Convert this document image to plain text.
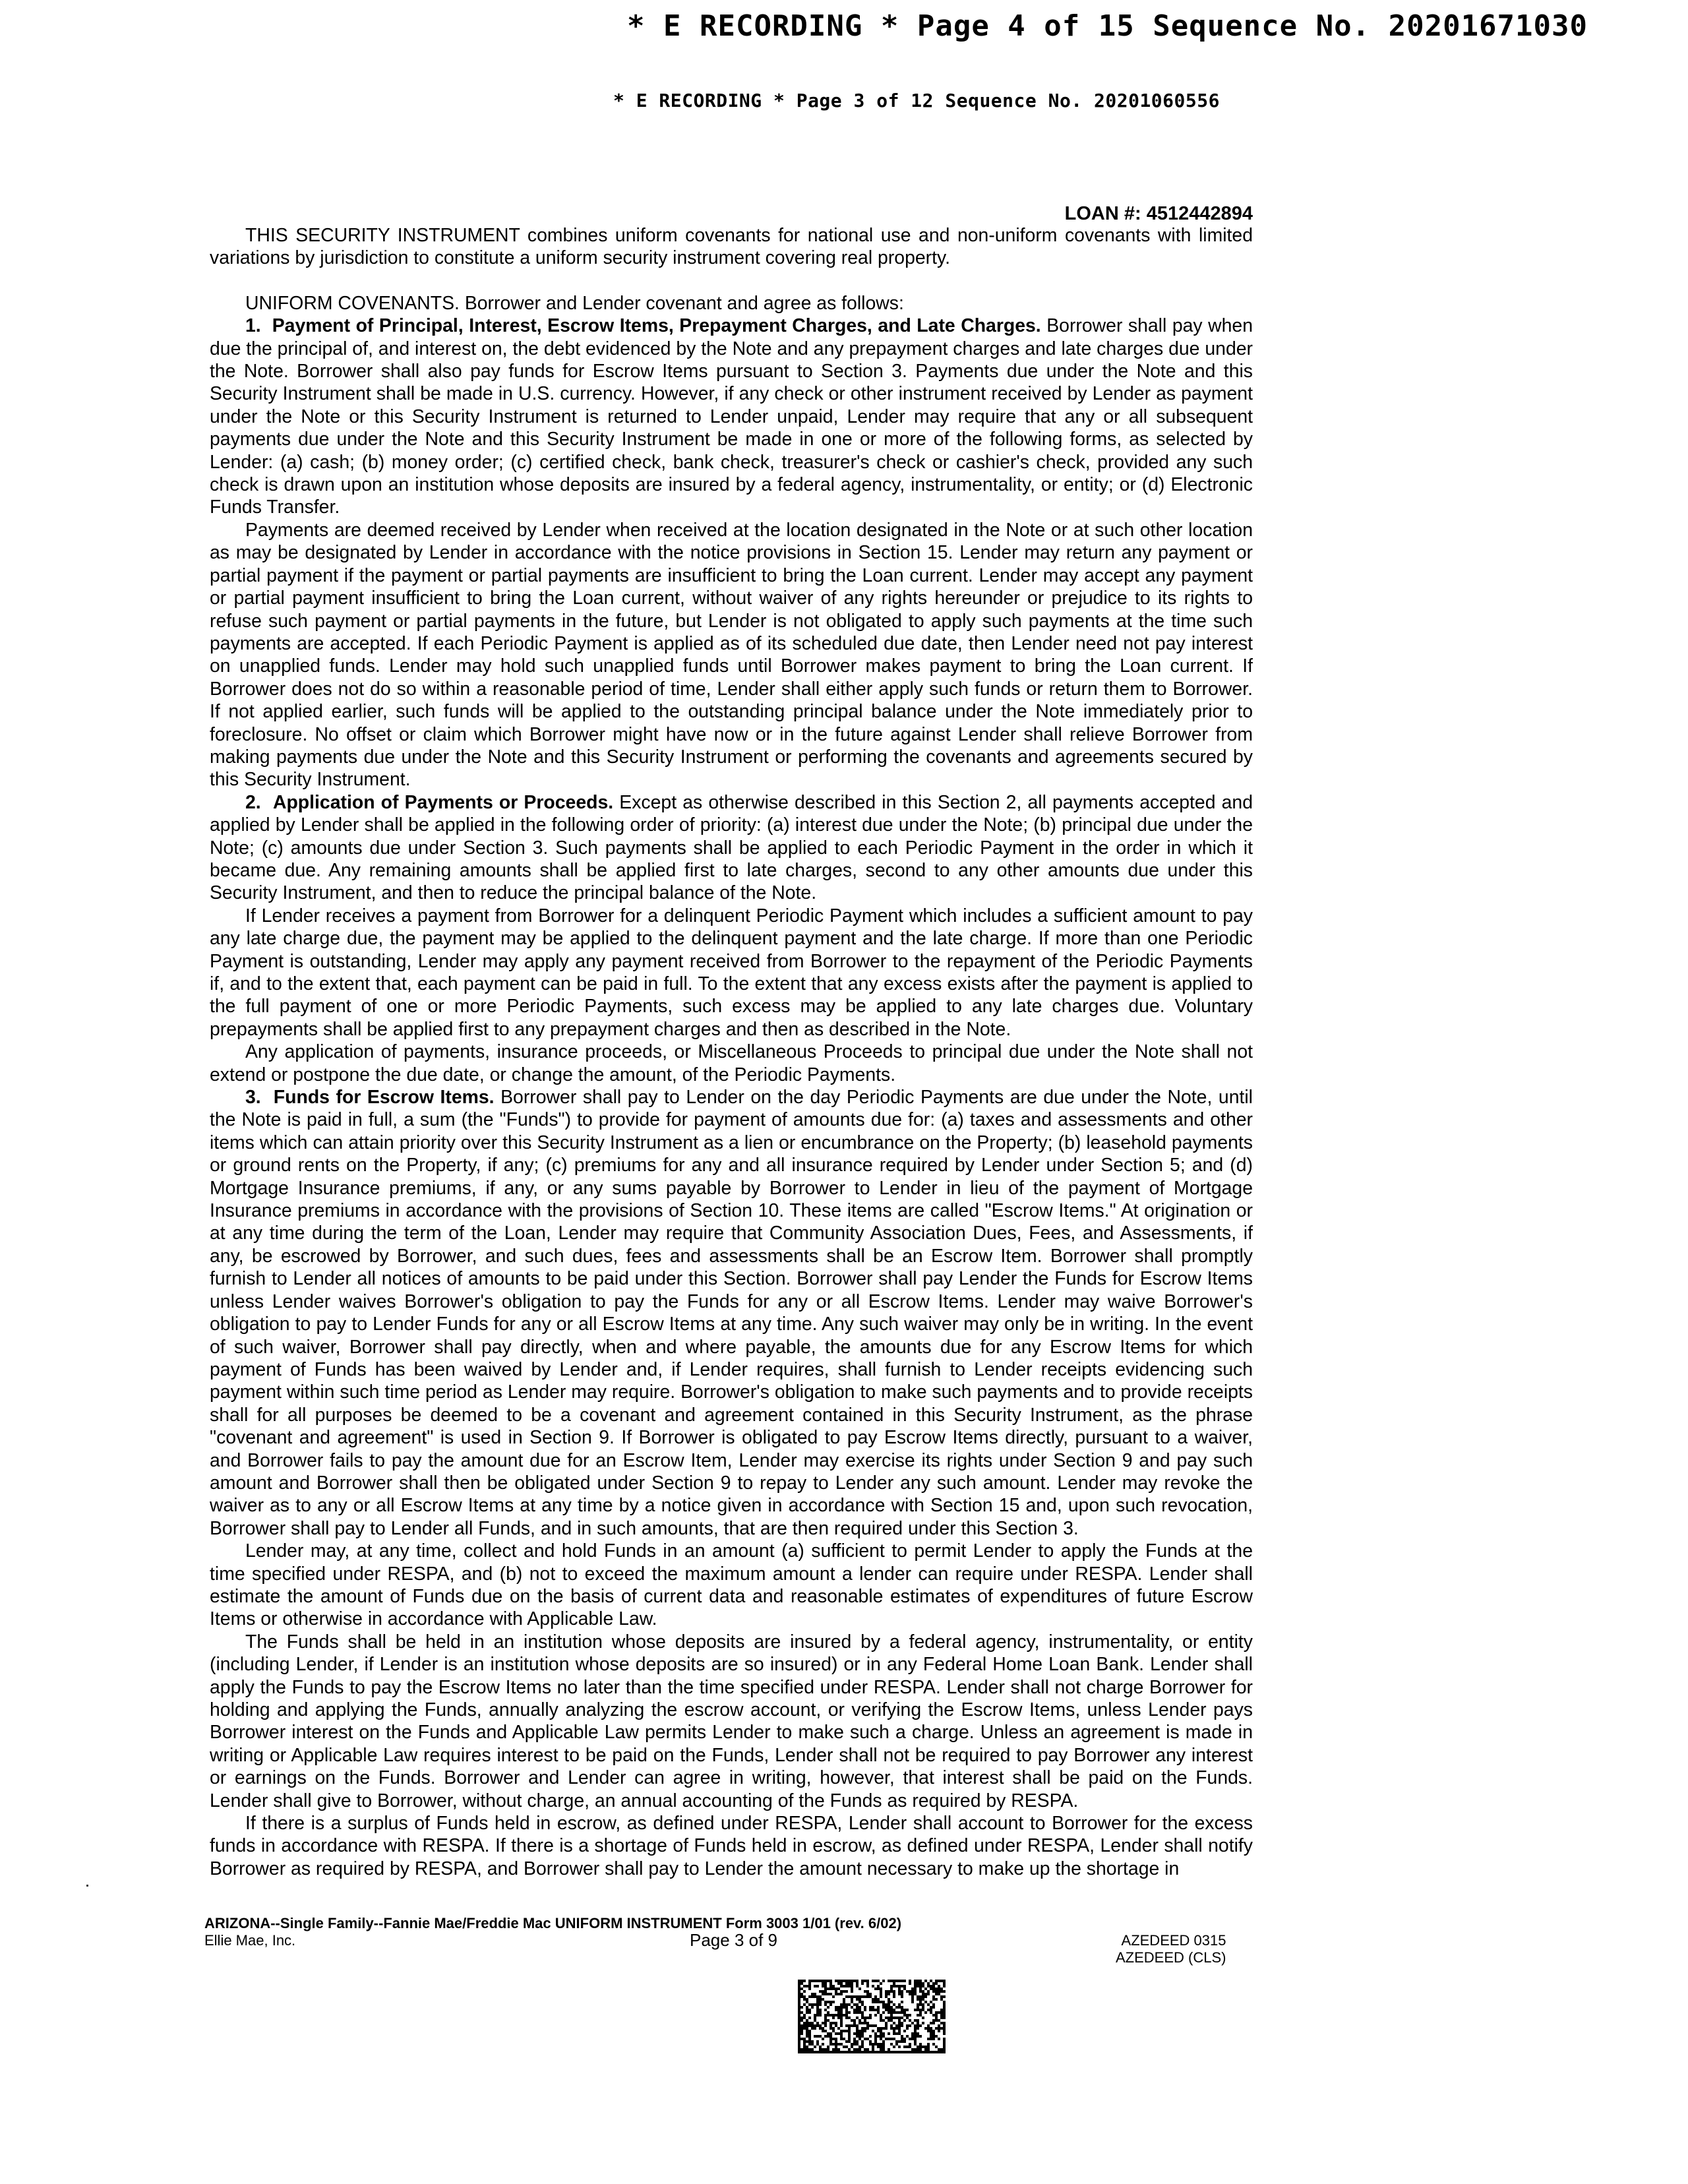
* E RECORDING * Page 4 of 15 Sequence No. 20201671030
* E RECORDING * Page 3 of 12 Sequence No. 20201060556
LOAN #: 4512442894

THIS SECURITY INSTRUMENT combines uniform covenants for national use and non-uniform covenants with limited variations by jurisdiction to constitute a uniform security instrument covering real property.

UNIFORM COVENANTS. Borrower and Lender covenant and agree as follows:

1.  Payment of Principal, Interest, Escrow Items, Prepayment Charges, and Late Charges. Borrower shall pay when due the principal of, and interest on, the debt evidenced by the Note and any prepayment charges and late charges due under the Note. Borrower shall also pay funds for Escrow Items pursuant to Section 3. Payments due under the Note and this Security Instrument shall be made in U.S. currency. However, if any check or other instrument received by Lender as payment under the Note or this Security Instrument is returned to Lender unpaid, Lender may require that any or all subsequent payments due under the Note and this Security Instrument be made in one or more of the following forms, as selected by Lender: (a) cash; (b) money order; (c) certified check, bank check, treasurer's check or cashier's check, provided any such check is drawn upon an institution whose deposits are insured by a federal agency, instrumentality, or entity; or (d) Electronic Funds Transfer.

Payments are deemed received by Lender when received at the location designated in the Note or at such other location as may be designated by Lender in accordance with the notice provisions in Section 15. Lender may return any payment or partial payment if the payment or partial payments are insufficient to bring the Loan current. Lender may accept any payment or partial payment insufficient to bring the Loan current, without waiver of any rights hereunder or prejudice to its rights to refuse such payment or partial payments in the future, but Lender is not obligated to apply such payments at the time such payments are accepted. If each Periodic Payment is applied as of its scheduled due date, then Lender need not pay interest on unapplied funds. Lender may hold such unapplied funds until Borrower makes payment to bring the Loan current. If Borrower does not do so within a reasonable period of time, Lender shall either apply such funds or return them to Borrower. If not applied earlier, such funds will be applied to the outstanding principal balance under the Note immediately prior to foreclosure. No offset or claim which Borrower might have now or in the future against Lender shall relieve Borrower from making payments due under the Note and this Security Instrument or performing the covenants and agreements secured by this Security Instrument.

2.  Application of Payments or Proceeds. Except as otherwise described in this Section 2, all payments accepted and applied by Lender shall be applied in the following order of priority: (a) interest due under the Note; (b) principal due under the Note; (c) amounts due under Section 3. Such payments shall be applied to each Periodic Payment in the order in which it became due. Any remaining amounts shall be applied first to late charges, second to any other amounts due under this Security Instrument, and then to reduce the principal balance of the Note.

If Lender receives a payment from Borrower for a delinquent Periodic Payment which includes a sufficient amount to pay any late charge due, the payment may be applied to the delinquent payment and the late charge. If more than one Periodic Payment is outstanding, Lender may apply any payment received from Borrower to the repayment of the Periodic Payments if, and to the extent that, each payment can be paid in full. To the extent that any excess exists after the payment is applied to the full payment of one or more Periodic Payments, such excess may be applied to any late charges due. Voluntary prepayments shall be applied first to any prepayment charges and then as described in the Note.

Any application of payments, insurance proceeds, or Miscellaneous Proceeds to principal due under the Note shall not extend or postpone the due date, or change the amount, of the Periodic Payments.

3.  Funds for Escrow Items. Borrower shall pay to Lender on the day Periodic Payments are due under the Note, until the Note is paid in full, a sum (the "Funds") to provide for payment of amounts due for: (a) taxes and assessments and other items which can attain priority over this Security Instrument as a lien or encumbrance on the Property; (b) leasehold payments or ground rents on the Property, if any; (c) premiums for any and all insurance required by Lender under Section 5; and (d) Mortgage Insurance premiums, if any, or any sums payable by Borrower to Lender in lieu of the payment of Mortgage Insurance premiums in accordance with the provisions of Section 10. These items are called "Escrow Items." At origination or at any time during the term of the Loan, Lender may require that Community Association Dues, Fees, and Assessments, if any, be escrowed by Borrower, and such dues, fees and assessments shall be an Escrow Item. Borrower shall promptly furnish to Lender all notices of amounts to be paid under this Section. Borrower shall pay Lender the Funds for Escrow Items unless Lender waives Borrower's obligation to pay the Funds for any or all Escrow Items. Lender may waive Borrower's obligation to pay to Lender Funds for any or all Escrow Items at any time. Any such waiver may only be in writing. In the event of such waiver, Borrower shall pay directly, when and where payable, the amounts due for any Escrow Items for which payment of Funds has been waived by Lender and, if Lender requires, shall furnish to Lender receipts evidencing such payment within such time period as Lender may require. Borrower's obligation to make such payments and to provide receipts shall for all purposes be deemed to be a covenant and agreement contained in this Security Instrument, as the phrase "covenant and agreement" is used in Section 9. If Borrower is obligated to pay Escrow Items directly, pursuant to a waiver, and Borrower fails to pay the amount due for an Escrow Item, Lender may exercise its rights under Section 9 and pay such amount and Borrower shall then be obligated under Section 9 to repay to Lender any such amount. Lender may revoke the waiver as to any or all Escrow Items at any time by a notice given in accordance with Section 15 and, upon such revocation, Borrower shall pay to Lender all Funds, and in such amounts, that are then required under this Section 3.

Lender may, at any time, collect and hold Funds in an amount (a) sufficient to permit Lender to apply the Funds at the time specified under RESPA, and (b) not to exceed the maximum amount a lender can require under RESPA. Lender shall estimate the amount of Funds due on the basis of current data and reasonable estimates of expenditures of future Escrow Items or otherwise in accordance with Applicable Law.

The Funds shall be held in an institution whose deposits are insured by a federal agency, instrumentality, or entity (including Lender, if Lender is an institution whose deposits are so insured) or in any Federal Home Loan Bank. Lender shall apply the Funds to pay the Escrow Items no later than the time specified under RESPA. Lender shall not charge Borrower for holding and applying the Funds, annually analyzing the escrow account, or verifying the Escrow Items, unless Lender pays Borrower interest on the Funds and Applicable Law permits Lender to make such a charge. Unless an agreement is made in writing or Applicable Law requires interest to be paid on the Funds, Lender shall not be required to pay Borrower any interest or earnings on the Funds. Borrower and Lender can agree in writing, however, that interest shall be paid on the Funds. Lender shall give to Borrower, without charge, an annual accounting of the Funds as required by RESPA.

If there is a surplus of Funds held in escrow, as defined under RESPA, Lender shall account to Borrower for the excess funds in accordance with RESPA. If there is a shortage of Funds held in escrow, as defined under RESPA, Lender shall notify Borrower as required by RESPA, and Borrower shall pay to Lender the amount necessary to make up the shortage in

ARIZONA--Single Family--Fannie Mae/Freddie Mac UNIFORM INSTRUMENT Form 3003 1/01 (rev. 6/02)
Ellie Mae, Inc.	Page 3 of 9	AZEDEED 0315
AZEDEED (CLS)
